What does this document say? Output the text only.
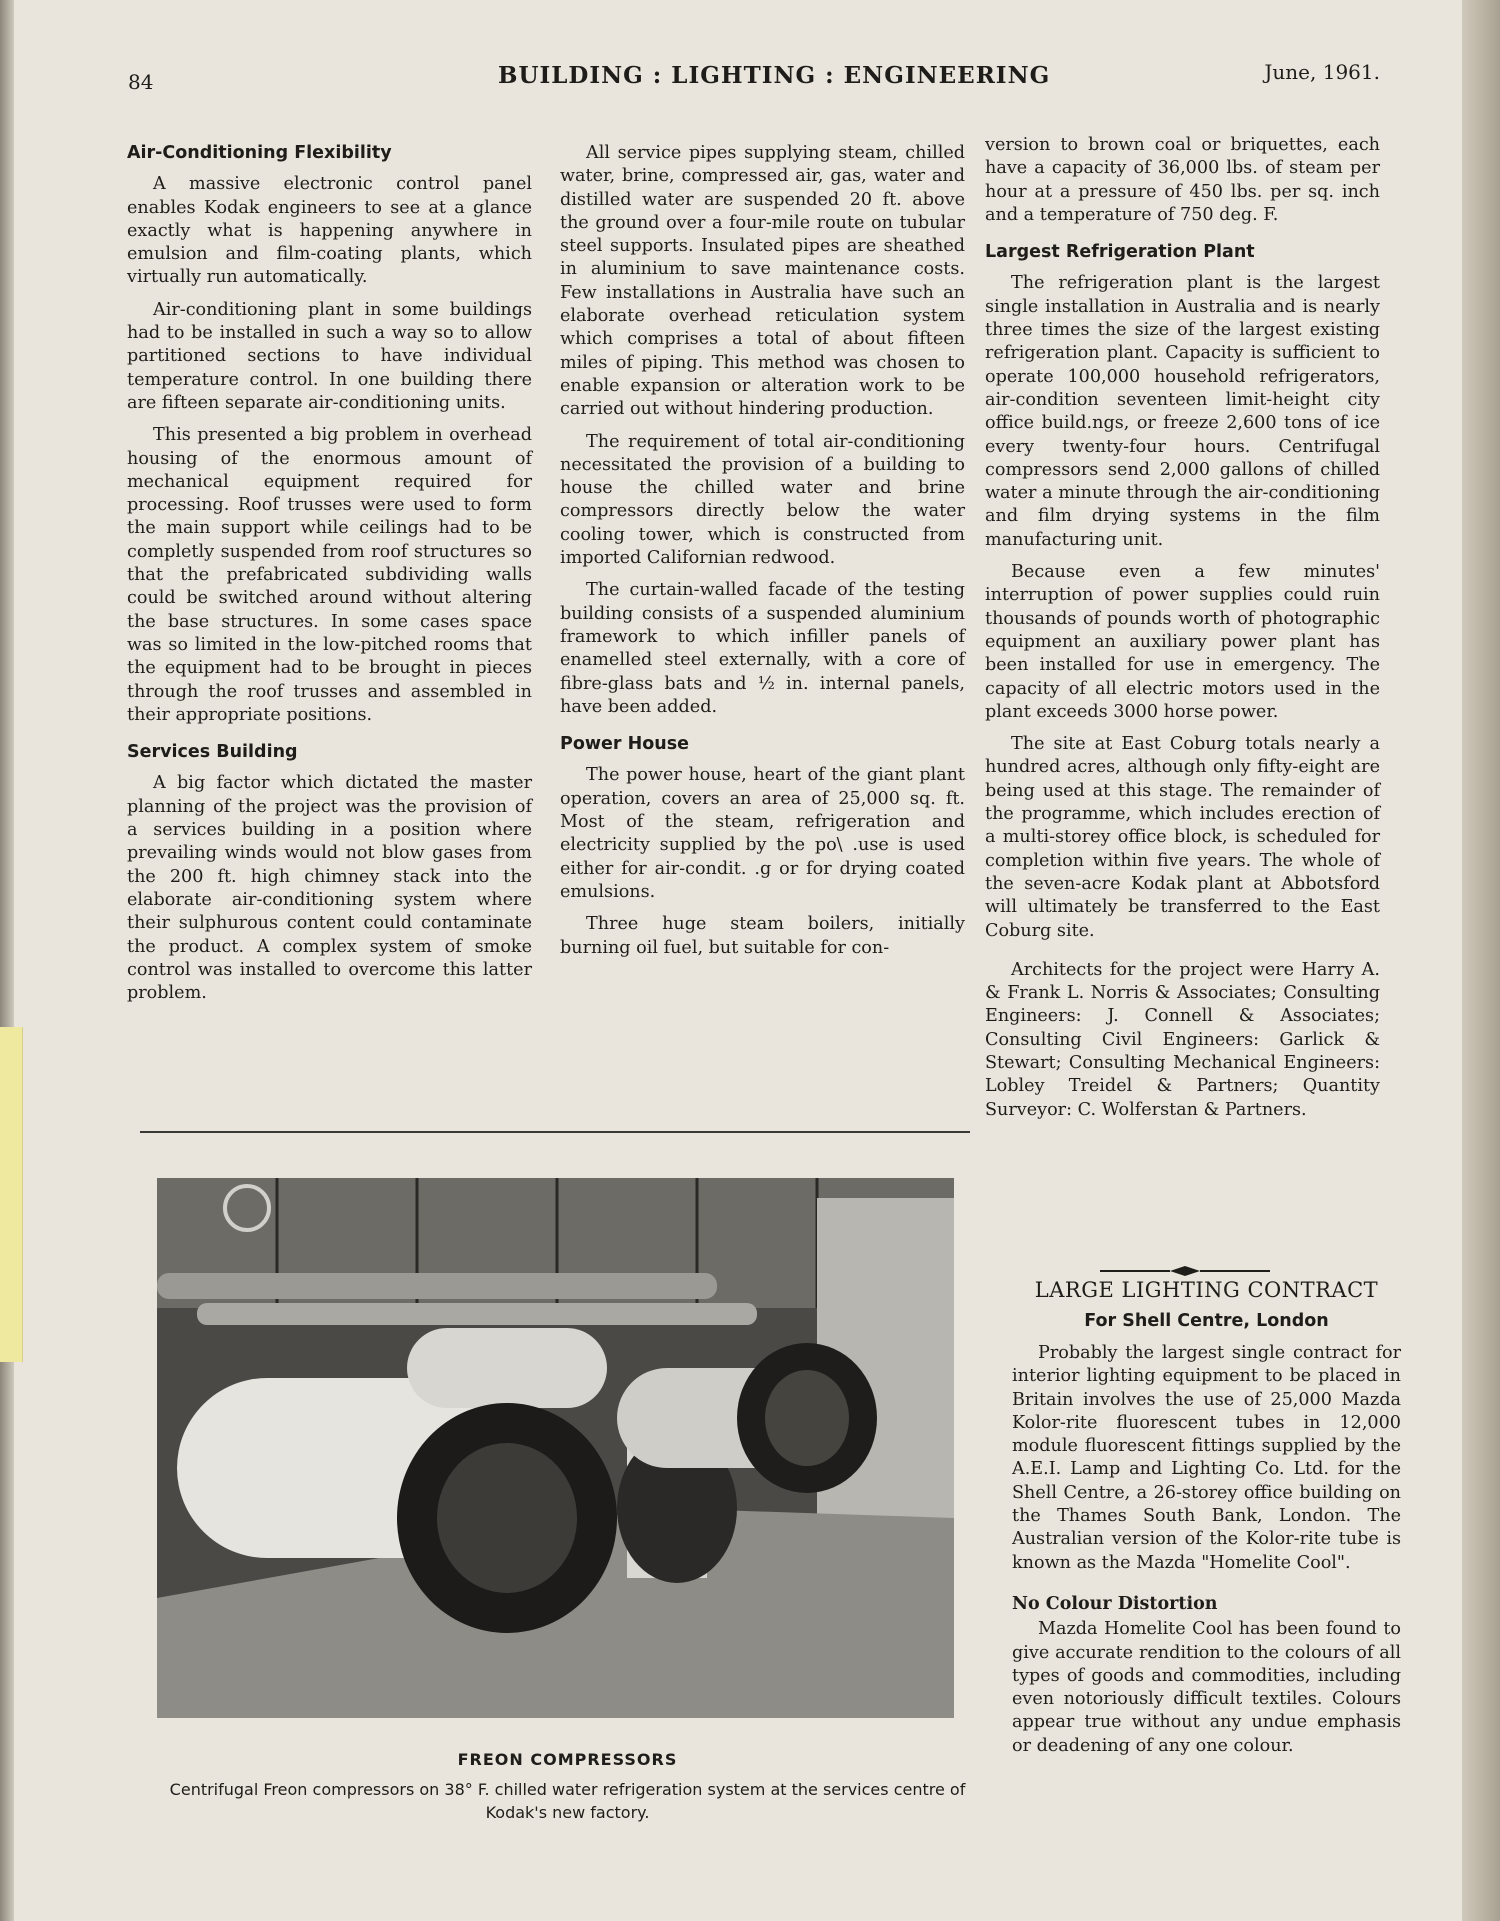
84	BUILDING : LIGHTING : ENGINEERING	June, 1961.
Air-Conditioning Flexibility

A massive electronic control panel enables Kodak engineers to see at a glance exactly what is happening anywhere in emulsion and film-coating plants, which virtually run automatically.

Air-conditioning plant in some buildings had to be installed in such a way so to allow partitioned sections to have individual temperature control. In one building there are fifteen separate air-conditioning units.

This presented a big problem in overhead housing of the enormous amount of mechanical equipment required for processing. Roof trusses were used to form the main support while ceilings had to be completly suspended from roof structures so that the prefabricated subdividing walls could be switched around without altering the base structures. In some cases space was so limited in the low-pitched rooms that the equipment had to be brought in pieces through the roof trusses and assembled in their appropriate positions.

Services Building

A big factor which dictated the master planning of the project was the provision of a services building in a position where prevailing winds would not blow gases from the 200 ft. high chimney stack into the elaborate air-conditioning system where their sulphurous content could contaminate the product. A complex system of smoke control was installed to overcome this latter problem.

All service pipes supplying steam, chilled water, brine, compressed air, gas, water and distilled water are suspended 20 ft. above the ground over a four-mile route on tubular steel supports. Insulated pipes are sheathed in aluminium to save maintenance costs. Few installations in Australia have such an elaborate overhead reticulation system which comprises a total of about fifteen miles of piping. This method was chosen to enable expansion or alteration work to be carried out without hindering production.

The requirement of total air-conditioning necessitated the provision of a building to house the chilled water and brine compressors directly below the water cooling tower, which is constructed from imported Californian redwood.

The curtain-walled facade of the testing building consists of a suspended aluminium framework to which infiller panels of enamelled steel externally, with a core of fibre-glass bats and ½ in. internal panels, have been added.

Power House

The power house, heart of the giant plant operation, covers an area of 25,000 sq. ft. Most of the steam, refrigeration and electricity supplied by the po\ .use is used either for air-condit. .g or for drying coated emulsions.

Three huge steam boilers, initially burning oil fuel, but suitable for con-

version to brown coal or briquettes, each have a capacity of 36,000 lbs. of steam per hour at a pressure of 450 lbs. per sq. inch and a temperature of 750 deg. F.

Largest Refrigeration Plant

The refrigeration plant is the largest single installation in Australia and is nearly three times the size of the largest existing refrigeration plant. Capacity is sufficient to operate 100,000 household refrigerators, air-condition seventeen limit-height city office build.ngs, or freeze 2,600 tons of ice every twenty-four hours. Centrifugal compressors send 2,000 gallons of chilled water a minute through the air-conditioning and film drying systems in the film manufacturing unit.

Because even a few minutes' interruption of power supplies could ruin thousands of pounds worth of photographic equipment an auxiliary power plant has been installed for use in emergency. The capacity of all electric motors used in the plant exceeds 3000 horse power.

The site at East Coburg totals nearly a hundred acres, although only fifty-eight are being used at this stage. The remainder of the programme, which includes erection of a multi-storey office block, is scheduled for completion within five years. The whole of the seven-acre Kodak plant at Abbotsford will ultimately be transferred to the East Coburg site.

Architects for the project were Harry A. & Frank L. Norris & Associates; Consulting Engineers: J. Connell & Associates; Consulting Civil Engineers: Garlick & Stewart; Consulting Mechanical Engineers: Lobley Treidel & Partners; Quantity Surveyor: C. Wolferstan & Partners.

FREON COMPRESSORS
Centrifugal Freon compressors on 38° F. chilled water refrigeration system at the services centre of Kodak's new factory.
LARGE LIGHTING CONTRACT
For Shell Centre, London

Probably the largest single contract for interior lighting equipment to be placed in Britain involves the use of 25,000 Mazda Kolor-rite fluorescent tubes in 12,000 module fluorescent fittings supplied by the A.E.I. Lamp and Lighting Co. Ltd. for the Shell Centre, a 26-storey office building on the Thames South Bank, London. The Australian version of the Kolor-rite tube is known as the Mazda "Homelite Cool".

No Colour Distortion

Mazda Homelite Cool has been found to give accurate rendition to the colours of all types of goods and commodities, including even notoriously difficult textiles. Colours appear true without any undue emphasis or deadening of any one colour.
